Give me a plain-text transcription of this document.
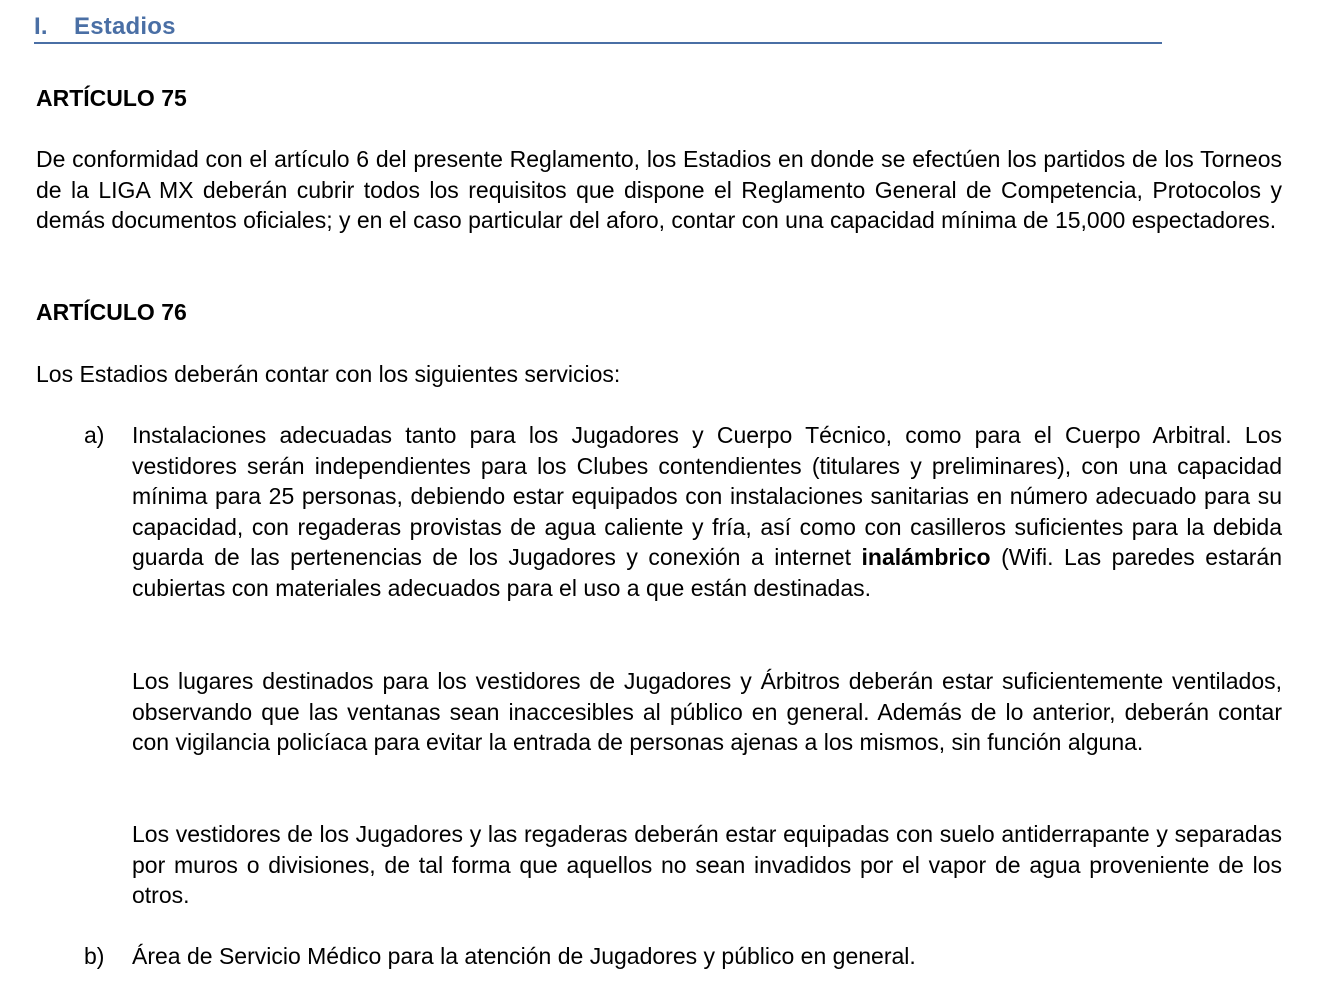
I. Estadios
ARTÍCULO 75
De conformidad con el artículo 6 del presente Reglamento, los Estadios en donde se efectúen los partidos de los Torneos de la LIGA MX deberán cubrir todos los requisitos que dispone el Reglamento General de Competencia, Protocolos y demás documentos oficiales; y en el caso particular del aforo, contar con una capacidad mínima de 15,000 espectadores.
ARTÍCULO 76
Los Estadios deberán contar con los siguientes servicios:
a) Instalaciones adecuadas tanto para los Jugadores y Cuerpo Técnico, como para el Cuerpo Arbitral. Los vestidores serán independientes para los Clubes contendientes (titulares y preliminares), con una capacidad mínima para 25 personas, debiendo estar equipados con instalaciones sanitarias en número adecuado para su capacidad, con regaderas provistas de agua caliente y fría, así como con casilleros suficientes para la debida guarda de las pertenencias de los Jugadores y conexión a internet inalámbrico (Wifi. Las paredes estarán cubiertas con materiales adecuados para el uso a que están destinadas.
Los lugares destinados para los vestidores de Jugadores y Árbitros deberán estar suficientemente ventilados, observando que las ventanas sean inaccesibles al público en general. Además de lo anterior, deberán contar con vigilancia policíaca para evitar la entrada de personas ajenas a los mismos, sin función alguna.
Los vestidores de los Jugadores y las regaderas deberán estar equipadas con suelo antiderrapante y separadas por muros o divisiones, de tal forma que aquellos no sean invadidos por el vapor de agua proveniente de los otros.
b) Área de Servicio Médico para la atención de Jugadores y público en general.
